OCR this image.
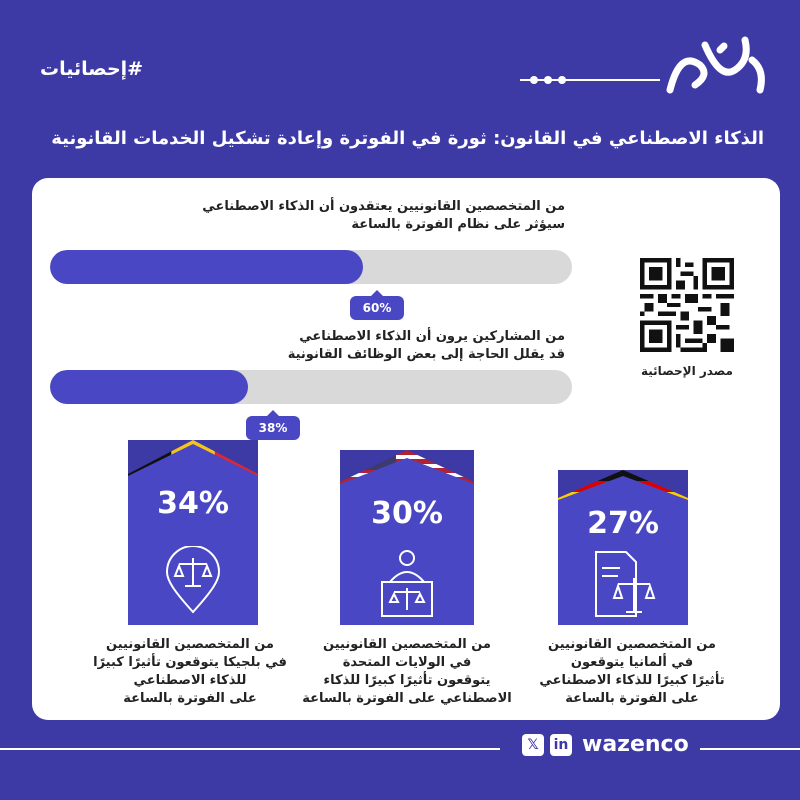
#إحصائيات
الذكاء الاصطناعي في القانون: ثورة في الفوترة وإعادة تشكيل الخدمات القانونية
من المتخصصين القانونيين يعتقدون أن الذكاء الاصطناعي
سيؤثر على نظام الفوترة بالساعة
60%
من المشاركين يرون أن الذكاء الاصطناعي
قد يقلل الحاجة إلى بعض الوظائف القانونية
38%
مصدر الإحصائية
34%	30%	27%
من المتخصصين القانونيين
في بلجيكا يتوقعون تأثيرًا كبيرًا
للذكاء الاصطناعي
على الفوترة بالساعة
من المتخصصين القانونيين
في الولايات المتحدة
يتوقعون تأثيرًا كبيرًا للذكاء
الاصطناعي على الفوترة بالساعة
من المتخصصين القانونيين
في ألمانيا يتوقعون
تأثيرًا كبيرًا للذكاء الاصطناعي
على الفوترة بالساعة
𝕏	in wazenco
